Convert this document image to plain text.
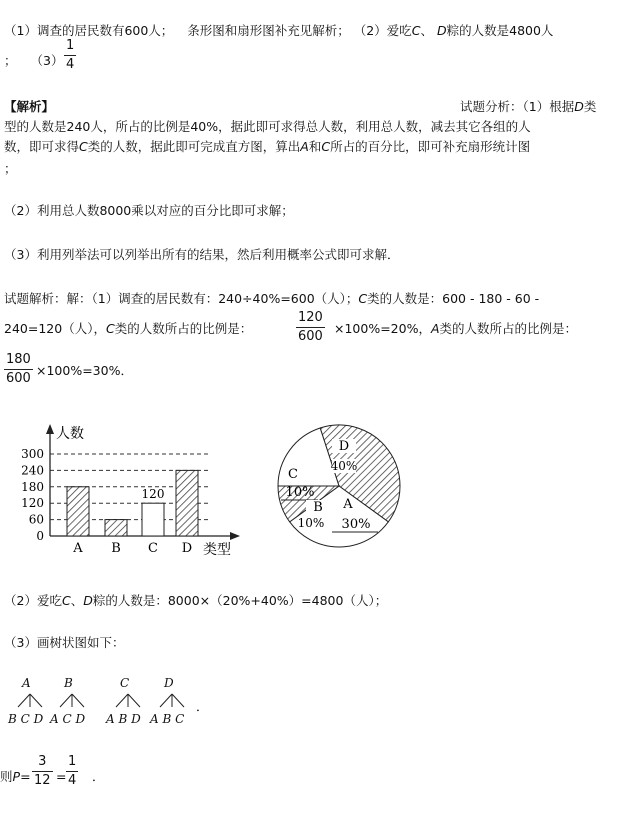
（1）调查的居民数有600人； 条形图和扇形图补充见解析； （2）爱吃C、 D粽的人数是4800人
； （3）
1
4
【解析】	试题分析：（1）根据D类
型的人数是240人，所占的比例是40%，据此即可求得总人数，利用总人数，减去其它各组的人
数，即可求得C类的人数，据此即可完成直方图，算出A和C所占的百分比，即可补充扇形统计图
；
（2）利用总人数8000乘以对应的百分比即可求解；
（3）利用列举法可以列举出所有的结果，然后利用概率公式即可求解．
试题解析：解：（1）调查的居民数有：240÷40%=600（人）；C类的人数是：600 - 180 - 60 -
240=120（人），C类的人数所占的比例是：
120
600
×100%=20%，A类的人数所占的比例是：
180
600
×100%=30%．
300
240
180
120
60
0
人数
类型
A B C D
120
D
40%
A
30%
C
10%
B
10%
（2）爱吃C、D粽的人数是：8000×（20%+40%）=4800（人）；
（3）画树状图如下：
A
B C D
B
A C D
C
A B D
D
A B C
．
则P=
3
12 =
1
4 ．
